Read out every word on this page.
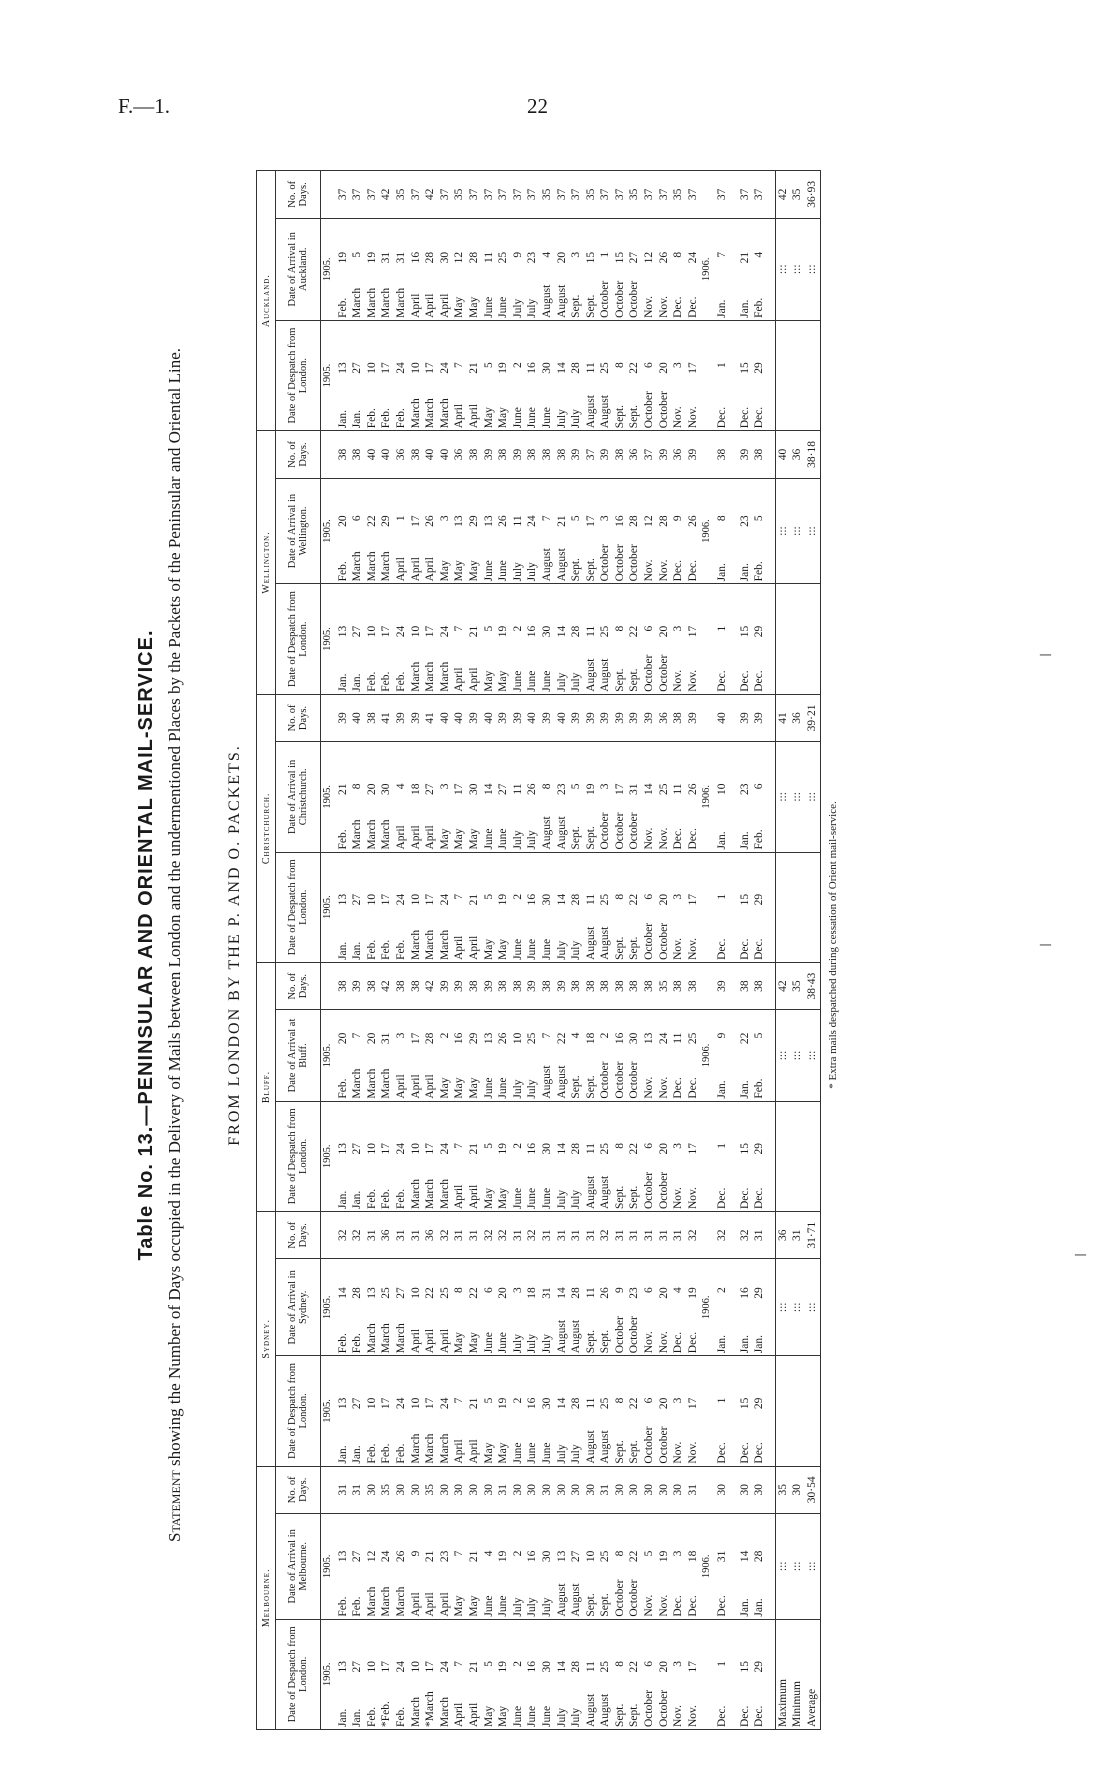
F.—1.	22
Table No. 13.—PENINSULAR AND ORIENTAL MAIL-SERVICE.
Statement showing the Number of Days occupied in the Delivery of Mails between London and the undermentioned Places by the Packets of the Peninsular and Oriental Line.	FROM LONDON BY THE P. AND O. PACKETS.
Melbourne.			Sydney.			Bluff.			Christchurch.			Wellington.			Auckland.		
Date of Despatch from London.	Date of Arrival in Melbourne.	No. of Days.	Date of Despatch from London.	Date of Arrival in Sydney.	No. of Days.	Date of Despatch from London.	Date of Arrival at Bluff.	No. of Days.	Date of Despatch from London.	Date of Arrival in Christchurch.	No. of Days.	Date of Despatch from London.	Date of Arrival in Wellington.	No. of Days.	Date of Despatch from London.	Date of Arrival in Auckland.	No. of Days.
1905.	1905.		1905.	1905.		1905.	1905.		1905.	1905.		1905.	1905.		1905.	1905.	
Jan.13	Feb.13	31	Jan.13	Feb.14	32	Jan.13	Feb.20	38	Jan.13	Feb.21	39	Jan.13	Feb.20	38	Jan.13	Feb.19	37
Jan.27	Feb.27	31	Jan.27	Feb.28	32	Jan.27	March7	39	Jan.27	March8	40	Jan.27	March6	38	Jan.27	March5	37
Feb.10	March12	30	Feb.10	March13	31	Feb.10	March20	38	Feb.10	March20	38	Feb.10	March22	40	Feb.10	March19	37
*Feb.17	March24	35	Feb.17	March25	36	Feb.17	March31	42	Feb.17	March30	41	Feb.17	March29	40	Feb.17	March31	42
Feb.24	March26	30	Feb.24	March27	31	Feb.24	April3	38	Feb.24	April4	39	Feb.24	April1	36	Feb.24	March31	35
March10	April9	30	March10	April10	31	March10	April17	38	March10	April18	39	March10	April17	38	March10	April16	37
*March17	April21	35	March17	April22	36	March17	April28	42	March17	April27	41	March17	April26	40	March17	April28	42
March24	April23	30	March24	April25	32	March24	May2	39	March24	May3	40	March24	May3	40	March24	April30	37
April7	May7	30	April7	May8	31	April7	May16	39	April7	May17	40	April7	May13	36	April7	May12	35
April21	May21	30	April21	May22	31	April21	May29	38	April21	May30	39	April21	May29	38	April21	May28	37
May5	June4	30	May5	June6	32	May5	June13	39	May5	June14	40	May5	June13	39	May5	June11	37
May19	June19	31	May19	June20	32	May19	June26	38	May19	June27	39	May19	June26	38	May19	June25	37
June2	July2	30	June2	July3	31	June2	July10	38	June2	July11	39	June2	July11	39	June2	July9	37
June16	July16	30	June16	July18	32	June16	July25	39	June16	July26	40	June16	July24	38	June16	July23	37
June30	July30	30	June30	July31	31	June30	August7	38	June30	August8	39	June30	August7	38	June30	August4	35
July14	August13	30	July14	August14	31	July14	August22	39	July14	August23	40	July14	August21	38	July14	August20	37
July28	August27	30	July28	August28	31	July28	Sept.4	38	July28	Sept.5	39	July28	Sept.5	39	July28	Sept.3	37
August11	Sept.10	30	August11	Sept.11	31	August11	Sept.18	38	August11	Sept.19	39	August11	Sept.17	37	August11	Sept.15	35
August25	Sept.25	31	August25	Sept.26	32	August25	October2	38	August25	October3	39	August25	October3	39	August25	October1	37
Sept.8	October8	30	Sept.8	October9	31	Sept.8	October16	38	Sept.8	October17	39	Sept.8	October16	38	Sept.8	October15	37
Sept.22	October22	30	Sept.22	October23	31	Sept.22	October30	38	Sept.22	October31	39	Sept.22	October28	36	Sept.22	October27	35
October6	Nov.5	30	October6	Nov.6	31	October6	Nov.13	38	October6	Nov.14	39	October6	Nov.12	37	October6	Nov.12	37
October20	Nov.19	30	October20	Nov.20	31	October20	Nov.24	35	October20	Nov.25	36	October20	Nov.28	39	October20	Nov.26	37
Nov.3	Dec.3	30	Nov.3	Dec.4	31	Nov.3	Dec.11	38	Nov.3	Dec.11	38	Nov.3	Dec.9	36	Nov.3	Dec.8	35
Nov.17	Dec.18	31	Nov.17	Dec.19	32	Nov.17	Dec.25	38	Nov.17	Dec.26	39	Nov.17	Dec.26	39	Nov.17	Dec.24	37
	1906.			1906.			1906.			1906.			1906.			1906.	
Dec.1	Dec.31	30	Dec.1	Jan.2	32	Dec.1	Jan.9	39	Dec.1	Jan.10	40	Dec.1	Jan.8	38	Dec.1	Jan.7	37

Dec.15	Jan.14	30	Dec.15	Jan.16	32	Dec.15	Jan.22	38	Dec.15	Jan.23	39	Dec.15	Jan.23	39	Dec.15	Jan.21	37
Dec.29	Jan.28	30	Dec.29	Jan.29	31	Dec.29	Feb.5	38	Dec.29	Feb.6	39	Dec.29	Feb.5	38	Dec.29	Feb.4	37

Maximum	:::	35		:::	36		:::	42		:::	41		:::	40		:::	42
Minimum	:::	30		:::	31		:::	35		:::	36		:::	36		:::	35
Average	:::	30·54		:::	31·71		:::	38·43		:::	39·21		:::	38·18		:::	36·93
* Extra mails despatched during cessation of Orient mail-service.
–
–
–
